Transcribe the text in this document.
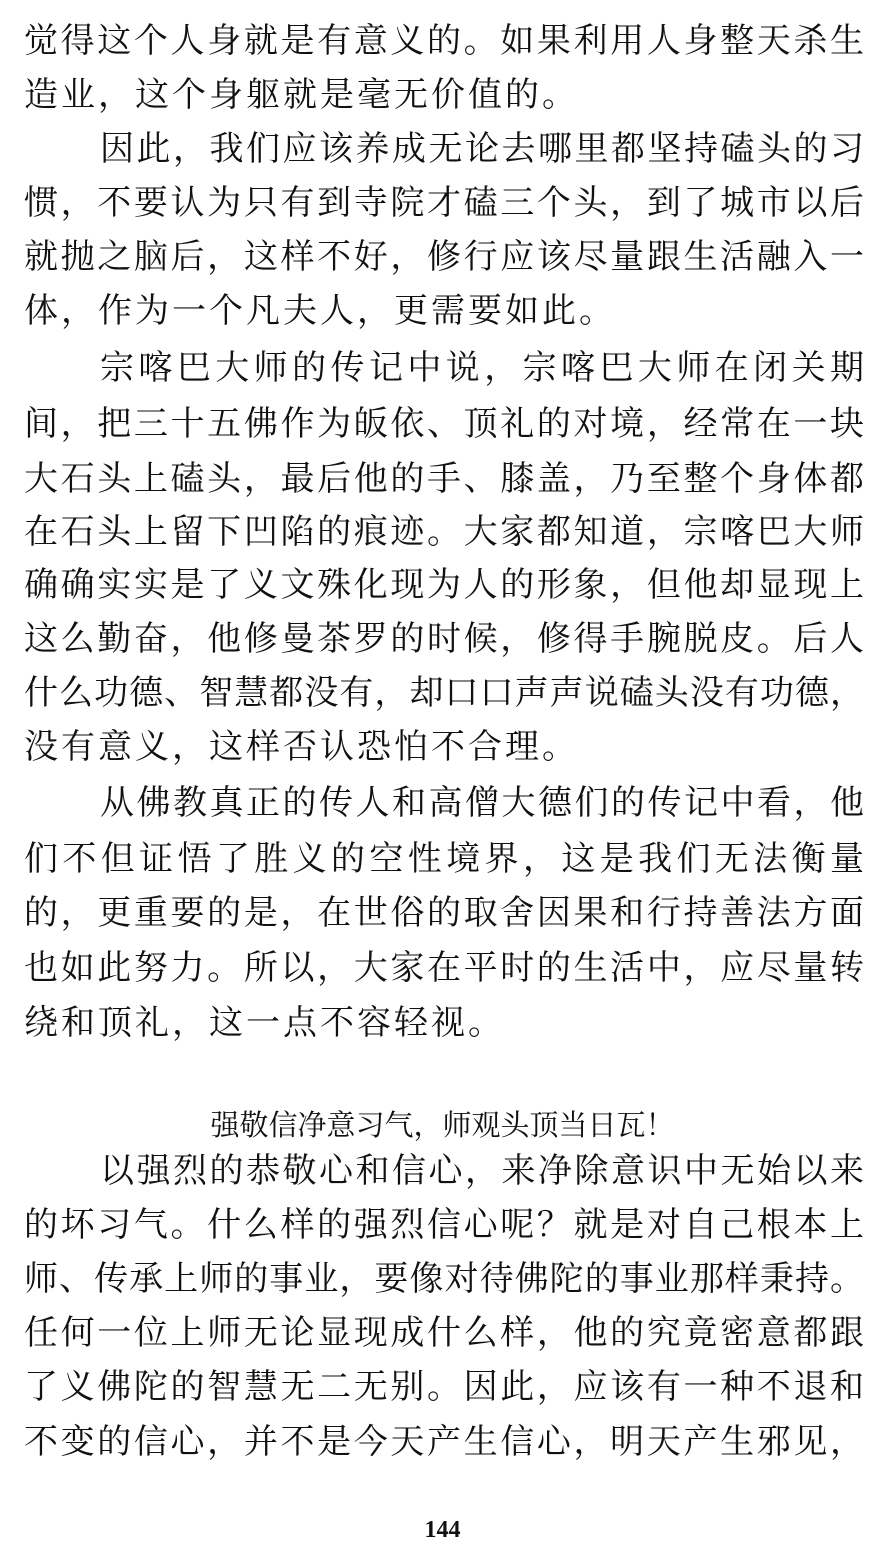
觉得这个人身就是有意义的。如果利用人身整天杀生
造业，这个身躯就是毫无价值的。
因此，我们应该养成无论去哪里都坚持磕头的习
惯，不要认为只有到寺院才磕三个头，到了城市以后
就抛之脑后，这样不好，修行应该尽量跟生活融入一
体，作为一个凡夫人，更需要如此。
宗喀巴大师的传记中说，宗喀巴大师在闭关期
间，把三十五佛作为皈依、顶礼的对境，经常在一块
大石头上磕头，最后他的手、膝盖，乃至整个身体都
在石头上留下凹陷的痕迹。大家都知道，宗喀巴大师
确确实实是了义文殊化现为人的形象，但他却显现上
这么勤奋，他修曼茶罗的时候，修得手腕脱皮。后人
什么功德、智慧都没有，却口口声声说磕头没有功德，
没有意义，这样否认恐怕不合理。
从佛教真正的传人和高僧大德们的传记中看，他
们不但证悟了胜义的空性境界，这是我们无法衡量
的，更重要的是，在世俗的取舍因果和行持善法方面
也如此努力。所以，大家在平时的生活中，应尽量转
绕和顶礼，这一点不容轻视。
强敬信净意习气，师观头顶当日瓦！
以强烈的恭敬心和信心，来净除意识中无始以来
的坏习气。什么样的强烈信心呢？就是对自己根本上
师、传承上师的事业，要像对待佛陀的事业那样秉持。
任何一位上师无论显现成什么样，他的究竟密意都跟
了义佛陀的智慧无二无别。因此，应该有一种不退和
不变的信心，并不是今天产生信心，明天产生邪见，
144
